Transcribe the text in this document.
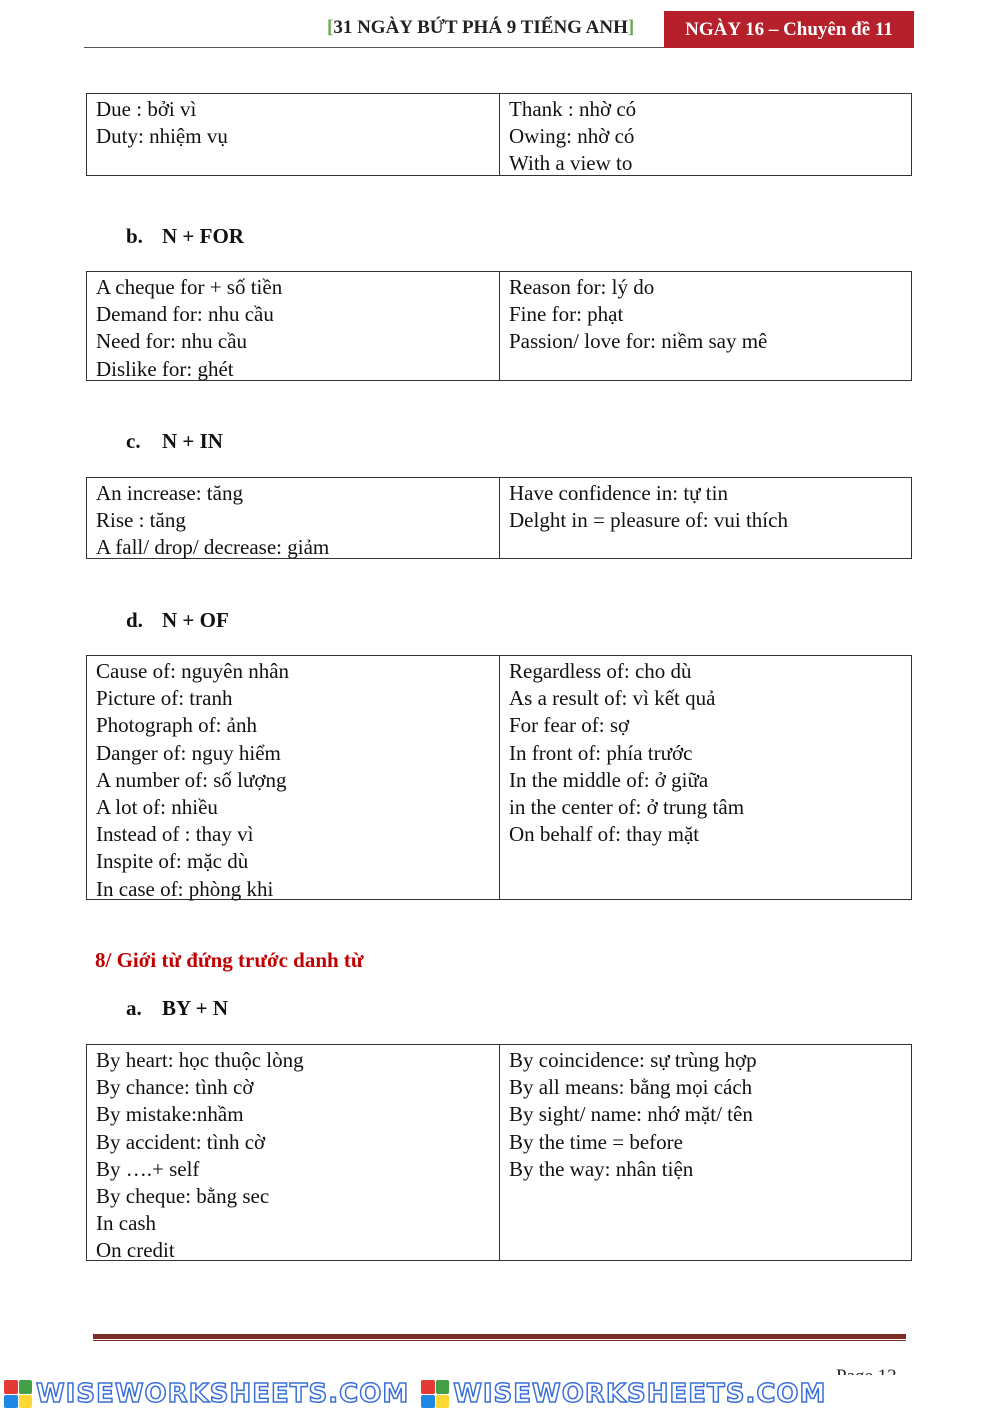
[31 NGÀY BỨT PHÁ 9 TIẾNG ANH]	NGÀY 16 – Chuyên đề 11
Due : bởi vì
Duty: nhiệm vụ
Thank : nhờ có
Owing: nhờ có
With a view to
b. N + FOR
A cheque for + số tiền
Demand for: nhu cầu
Need for: nhu cầu
Dislike for: ghét
Reason for: lý do
Fine for: phạt
Passion/ love for: niềm say mê
c. N + IN
An increase: tăng
Rise : tăng
A fall/ drop/ decrease: giảm
Have confidence in: tự tin
Delght in = pleasure of: vui thích
d. N + OF
Cause of: nguyên nhân
Picture of: tranh
Photograph of: ảnh
Danger of: nguy hiểm
A number of: số lượng
A lot of: nhiều
Instead of : thay vì
Inspite of: mặc dù
In case of: phòng khi
Regardless of: cho dù
As a result of: vì kết quả
For fear of: sợ
In front of: phía trước
In the middle of: ở giữa
in the center of: ở trung tâm
On behalf of: thay mặt
8/ Giới từ đứng trước danh từ
a. BY + N
By heart: học thuộc lòng
By chance: tình cờ
By mistake:nhầm
By accident: tình cờ
By ….+ self
By cheque: bằng sec
In cash
On credit
By coincidence: sự trùng hợp
By all means: bằng mọi cách
By sight/ name: nhớ mặt/ tên
By the time = before
By the way: nhân tiện
WISEWORKSHEETS.COM WISEWORKSHEETS.COM
